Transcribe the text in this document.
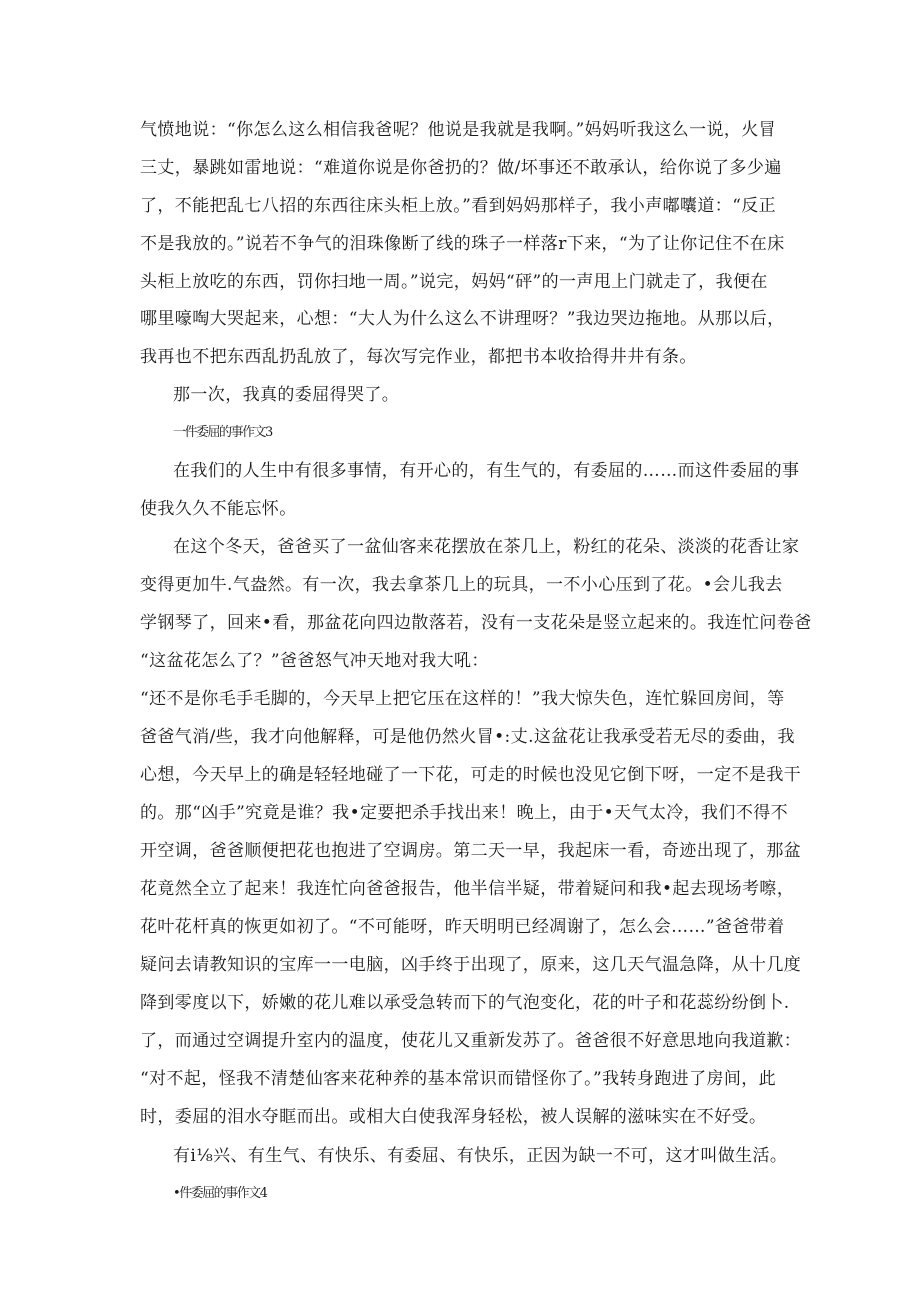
气愤地说：“你怎么这么相信我爸呢？他说是我就是我啊。”妈妈听我这么一说，火冒

三丈，暴跳如雷地说：“难道你说是你爸扔的？做/坏事还不敢承认，给你说了多少遍

了，不能把乱七八招的东西往床头柜上放。”看到妈妈那样子，我小声嘟囔道：“反正

不是我放的。”说若不争气的泪珠像断了线的珠子一样落r下来，“为了让你记住不在床

头柜上放吃的东西，罚你扫地一周。”说完，妈妈“砰”的一声甩上门就走了，我便在

哪里嚎啕大哭起来，心想：“大人为什么这么不讲理呀？”我边哭边拖地。从那以后，

我再也不把东西乱扔乱放了，每次写完作业，都把书本收拾得井井有条。

那一次，我真的委屈得哭了。

一件委屈的事作文3

在我们的人生中有很多事情，有开心的，有生气的，有委屈的……而这件委屈的事

使我久久不能忘怀。

在这个冬天，爸爸买了一盆仙客来花摆放在茶几上，粉红的花朵、淡淡的花香让家

变得更加牛.气盎然。有一次，我去拿茶几上的玩具，一不小心压到了花。•会儿我去

学钢琴了，回来•看，那盆花向四边散落若，没有一支花朵是竖立起来的。我连忙问卷爸

“这盆花怎么了？”爸爸怒气冲天地对我大吼：

“还不是你毛手毛脚的，今天早上把它压在这样的！”我大惊失色，连忙躲回房间，等

爸爸气消/些，我才向他解释，可是他仍然火冒•:丈.这盆花让我承受若无尽的委曲，我

心想，今天早上的确是轻轻地碰了一下花，可走的时候也没见它倒下呀，一定不是我干

的。那“凶手”究竟是谁？我•定要把杀手找出来！晚上，由于•天气太冷，我们不得不

开空调，爸爸顺便把花也抱进了空调房。第二天一早，我起床一看，奇迹出现了，那盆

花竟然全立了起来！我连忙向爸爸报告，他半信半疑，带着疑问和我•起去现场考嚓，

花叶花杆真的恢更如初了。“不可能呀，昨天明明已经凋谢了，怎么会……”爸爸带着

疑问去请教知识的宝库一一电脑，凶手终于出现了，原来，这几天气温急降，从十几度

降到零度以下，娇嫩的花儿难以承受急转而下的气泡变化，花的叶子和花蕊纷纷倒卜.

了，而通过空调提升室内的温度，使花儿又重新发苏了。爸爸很不好意思地向我道歉：

“对不起，怪我不清楚仙客来花种养的基本常识而错怪你了。”我转身跑进了房间，此

时，委屈的泪水夺眶而出。或相大白使我浑身轻松，被人误解的滋味实在不好受。

有i⅛兴、有生气、有快乐、有委屈、有快乐，正因为缺一不可，这才叫做生活。

•件委屈的事作文4
